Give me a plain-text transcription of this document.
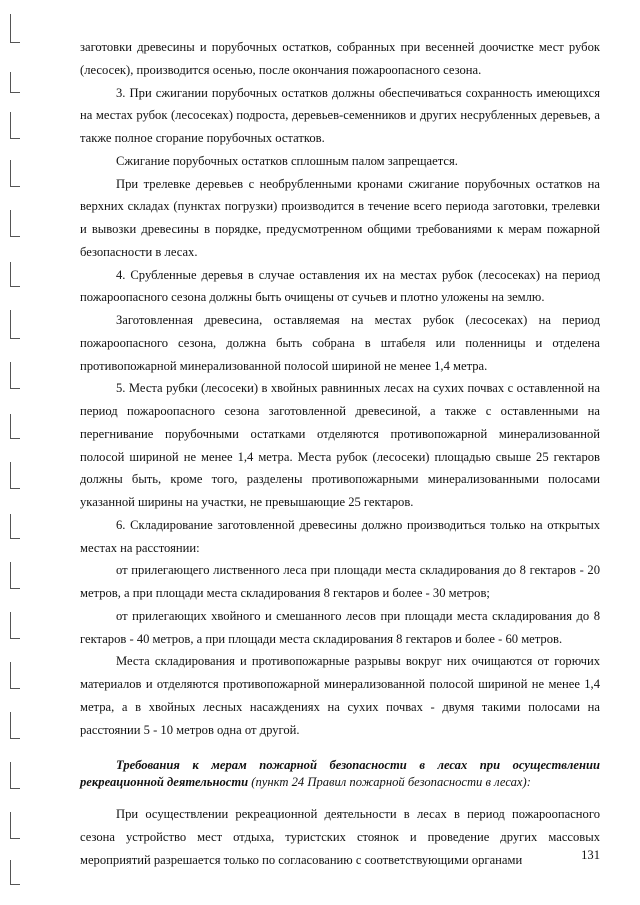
заготовки древесины и порубочных остатков, собранных при весенней доочистке мест рубок (лесосек), производится осенью, после окончания пожароопасного сезона.

3. При сжигании порубочных остатков должны обеспечиваться сохранность имеющихся на местах рубок (лесосеках) подроста, деревьев-семенников и других несрубленных деревьев, а также полное сгорание порубочных остатков.

Сжигание порубочных остатков сплошным палом запрещается.

При трелевке деревьев с необрубленными кронами сжигание порубочных остатков на верхних складах (пунктах погрузки) производится в течение всего периода заготовки, трелевки и вывозки древесины в порядке, предусмотренном общими требованиями к мерам пожарной безопасности в лесах.

4. Срубленные деревья в случае оставления их на местах рубок (лесосеках) на период пожароопасного сезона должны быть очищены от сучьев и плотно уложены на землю.

Заготовленная древесина, оставляемая на местах рубок (лесосеках) на период пожароопасного сезона, должна быть собрана в штабеля или поленницы и отделена противопожарной минерализованной полосой шириной не менее 1,4 метра.

5. Места рубки (лесосеки) в хвойных равнинных лесах на сухих почвах с оставленной на период пожароопасного сезона заготовленной древесиной, а также с оставленными на перегнивание порубочными остатками отделяются противопожарной минерализованной полосой шириной не менее 1,4 метра. Места рубок (лесосеки) площадью свыше 25 гектаров должны быть, кроме того, разделены противопожарными минерализованными полосами указанной ширины на участки, не превышающие 25 гектаров.

6. Складирование заготовленной древесины должно производиться только на открытых местах на расстоянии:

от прилегающего лиственного леса при площади места складирования до 8 гектаров - 20 метров, а при площади места складирования 8 гектаров и более - 30 метров;

от прилегающих хвойного и смешанного лесов при площади места складирования до 8 гектаров - 40 метров, а при площади места складирования 8 гектаров и более - 60 метров.

Места складирования и противопожарные разрывы вокруг них очищаются от горючих материалов и отделяются противопожарной минерализованной полосой шириной не менее 1,4 метра, а в хвойных лесных насаждениях на сухих почвах - двумя такими полосами на расстоянии 5 - 10 метров одна от другой.

Требования к мерам пожарной безопасности в лесах при осуществлении рекреационной деятельности (пункт 24 Правил пожарной безопасности в лесах):

При осуществлении рекреационной деятельности в лесах в период пожароопасного сезона устройство мест отдыха, туристских стоянок и проведение других массовых мероприятий разрешается только по согласованию с соответствующими органами	131
